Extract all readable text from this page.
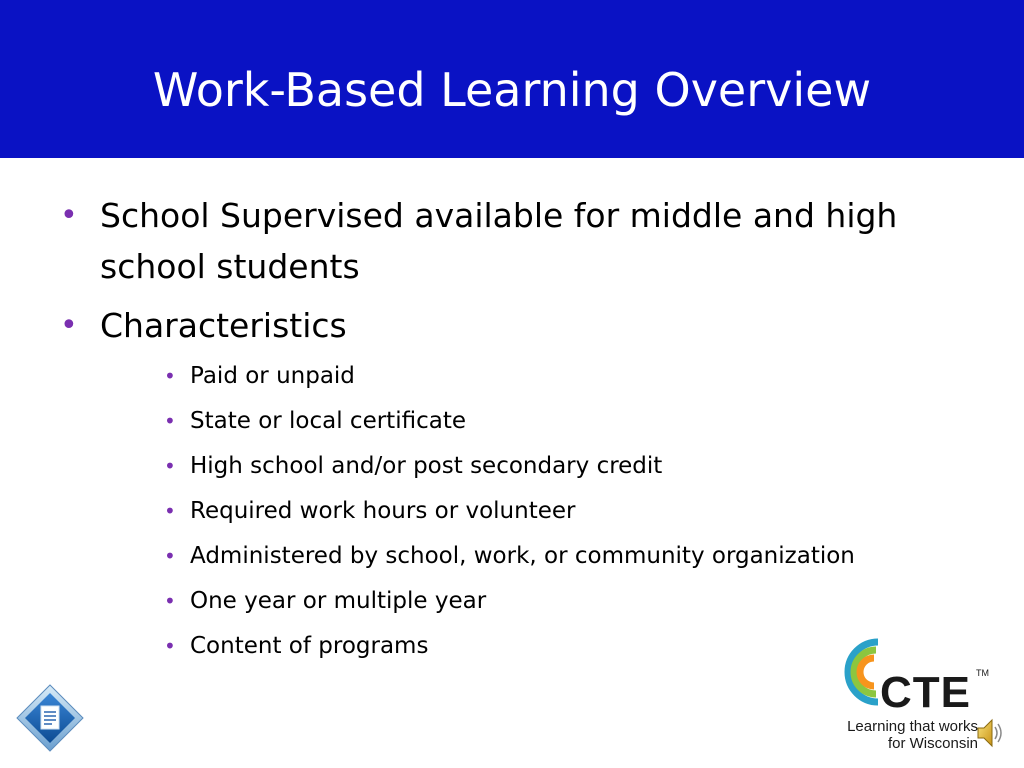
Work-Based Learning Overview
• School Supervised available for middle and high school students
• Characteristics
• Paid or unpaid
• State or local certificate
• High school and/or post secondary credit
• Required work hours or volunteer
• Administered by school, work, or community organization
• One year or multiple year
• Content of programs
CTE TM
Learning that works
for Wisconsin
